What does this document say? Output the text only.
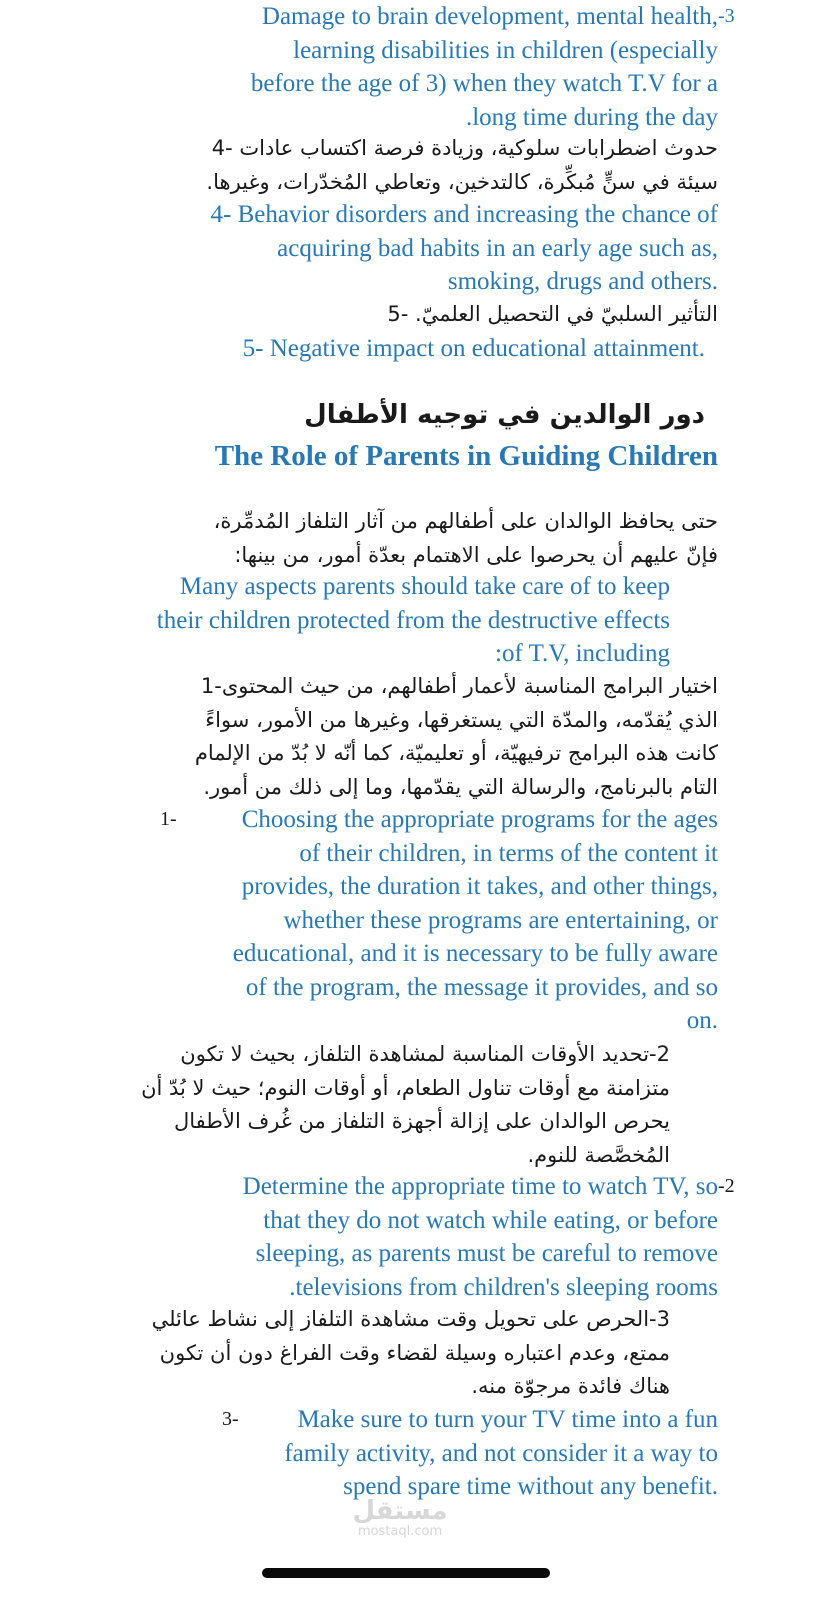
Damage to brain development, mental health,

learning disabilities in children (especially

before the age of 3) when they watch T.V for a

.long time during the day

-3

حدوث اضطرابات سلوكية، وزيادة فرصة اكتساب عادات -4

سيئة في سنٍّ مُبكِّرة، كالتدخين، وتعاطي المُخدّرات، وغيرها.

4- Behavior disorders and increasing the chance of

acquiring bad habits in an early age such as,

smoking, drugs and others.

التأثير السلبيّ في التحصيل العلميّ. -5

5- Negative impact on educational attainment.

دور الوالدين في توجيه الأطفال

The Role of Parents in Guiding Children

حتى يحافظ الوالدان على أطفالهم من آثار التلفاز المُدمِّرة،

فإنّ عليهم أن يحرصوا على الاهتمام بعدّة أمور، من بينها:

Many aspects parents should take care of to keep

their children protected from the destructive effects

:of T.V, including

اختيار البرامج المناسبة لأعمار أطفالهم، من حيث المحتوى-1

الذي يُقدّمه، والمدّة التي يستغرقها، وغيرها من الأمور، سواءً

كانت هذه البرامج ترفيهيّة، أو تعليميّة، كما أنّه لا بُدّ من الإلمام

التام بالبرنامج، والرسالة التي يقدّمها، وما إلى ذلك من أمور.

1-	Choosing the appropriate programs for the ages

of their children, in terms of the content it

provides, the duration it takes, and other things,

whether these programs are entertaining, or

educational, and it is necessary to be fully aware

of the program, the message it provides, and so

on.

2-تحديد الأوقات المناسبة لمشاهدة التلفاز، بحيث لا تكون

متزامنة مع أوقات تناول الطعام، أو أوقات النوم؛ حيث لا بُدّ أن

يحرص الوالدان على إزالة أجهزة التلفاز من غُرف الأطفال

المُخصَّصة للنوم.

Determine the appropriate time to watch TV, so

that they do not watch while eating, or before

sleeping, as parents must be careful to remove

.televisions from children's sleeping rooms

-2

3-الحرص على تحويل وقت مشاهدة التلفاز إلى نشاط عائلي

ممتع، وعدم اعتباره وسيلة لقضاء وقت الفراغ دون أن تكون

هناك فائدة مرجوّة منه.

3-	Make sure to turn your TV time into a fun

family activity, and not consider it a way to

spend spare time without any benefit.

مستقل
mostaql.com
